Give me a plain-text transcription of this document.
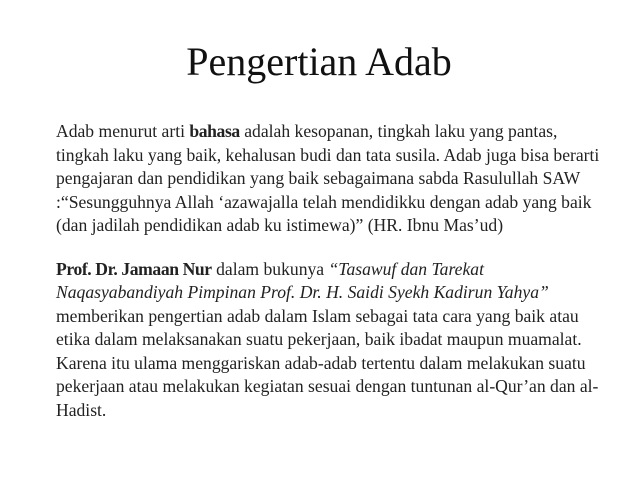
Pengertian Adab

Adab menurut arti bahasa adalah kesopanan, tingkah laku yang pantas, tingkah laku yang baik, kehalusan budi dan tata susila. Adab juga bisa berarti pengajaran dan pendidikan yang baik sebagaimana sabda Rasulullah SAW :“Sesungguhnya Allah ‘azawajalla telah mendidikku dengan adab yang baik (dan jadilah pendidikan adab ku istimewa)” (HR. Ibnu Mas’ud)

Prof. Dr. Jamaan Nur dalam bukunya “Tasawuf dan Tarekat Naqasyabandiyah Pimpinan Prof. Dr. H. Saidi Syekh Kadirun Yahya” memberikan pengertian adab dalam Islam sebagai tata cara yang baik atau etika dalam melaksanakan suatu pekerjaan, baik ibadat maupun muamalat. Karena itu ulama menggariskan adab-adab tertentu dalam melakukan suatu pekerjaan atau melakukan kegiatan sesuai dengan tuntunan al-Qur’an dan al-Hadist.
